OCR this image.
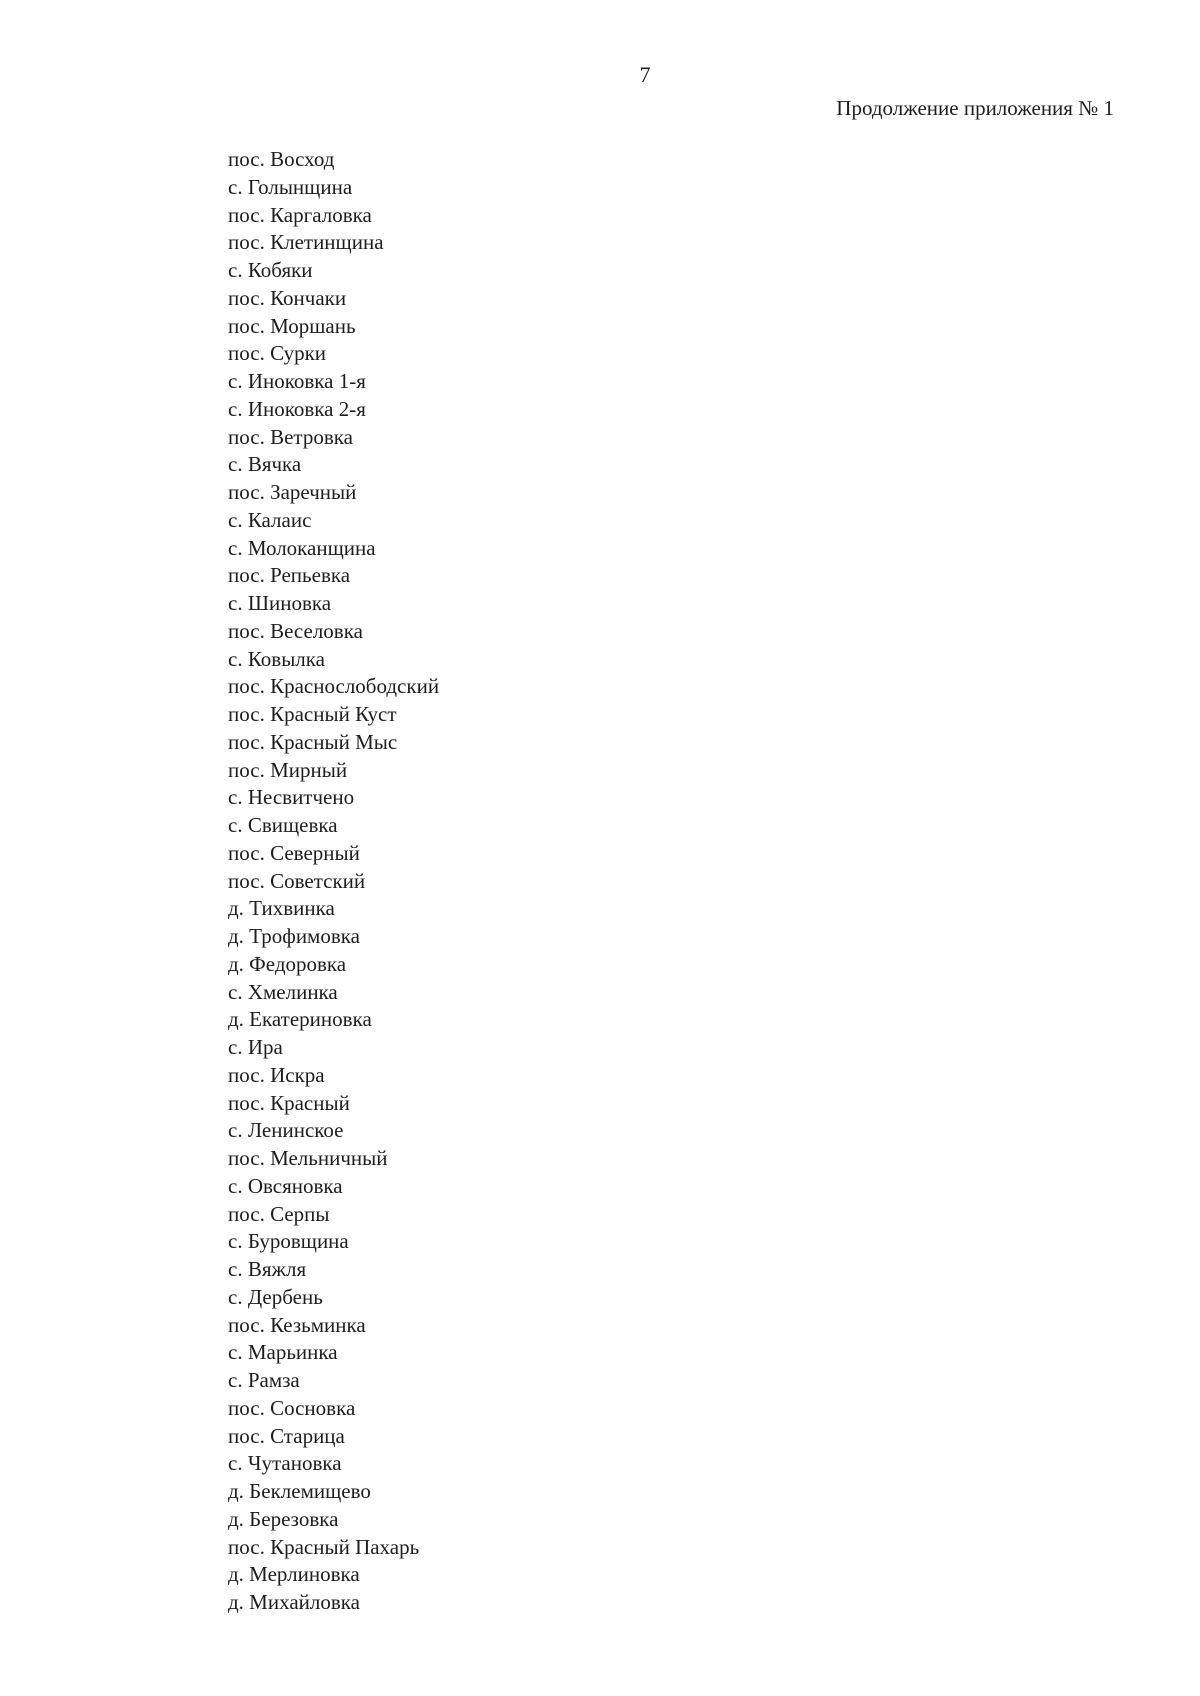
7
Продолжение приложения № 1
пос. Восход
с. Голынщина
пос. Каргаловка
пос. Клетинщина
с. Кобяки
пос. Кончаки
пос. Моршань
пос. Сурки
с. Иноковка 1-я
с. Иноковка 2-я
пос. Ветровка
с. Вячка
пос. Заречный
с. Калаис
с. Молоканщина
пос. Репьевка
с. Шиновка
пос. Веселовка
с. Ковылка
пос. Краснослободский
пос. Красный Куст
пос. Красный Мыс
пос. Мирный
с. Несвитчено
с. Свищевка
пос. Северный
пос. Советский
д. Тихвинка
д. Трофимовка
д. Федоровка
с. Хмелинка
д. Екатериновка
с. Ира
пос. Искра
пос. Красный
с. Ленинское
пос. Мельничный
с. Овсяновка
пос. Серпы
с. Буровщина
с. Вяжля
с. Дербень
пос. Кезьминка
с. Марьинка
с. Рамза
пос. Сосновка
пос. Старица
с. Чутановка
д. Беклемищево
д. Березовка
пос. Красный Пахарь
д. Мерлиновка
д. Михайловка
